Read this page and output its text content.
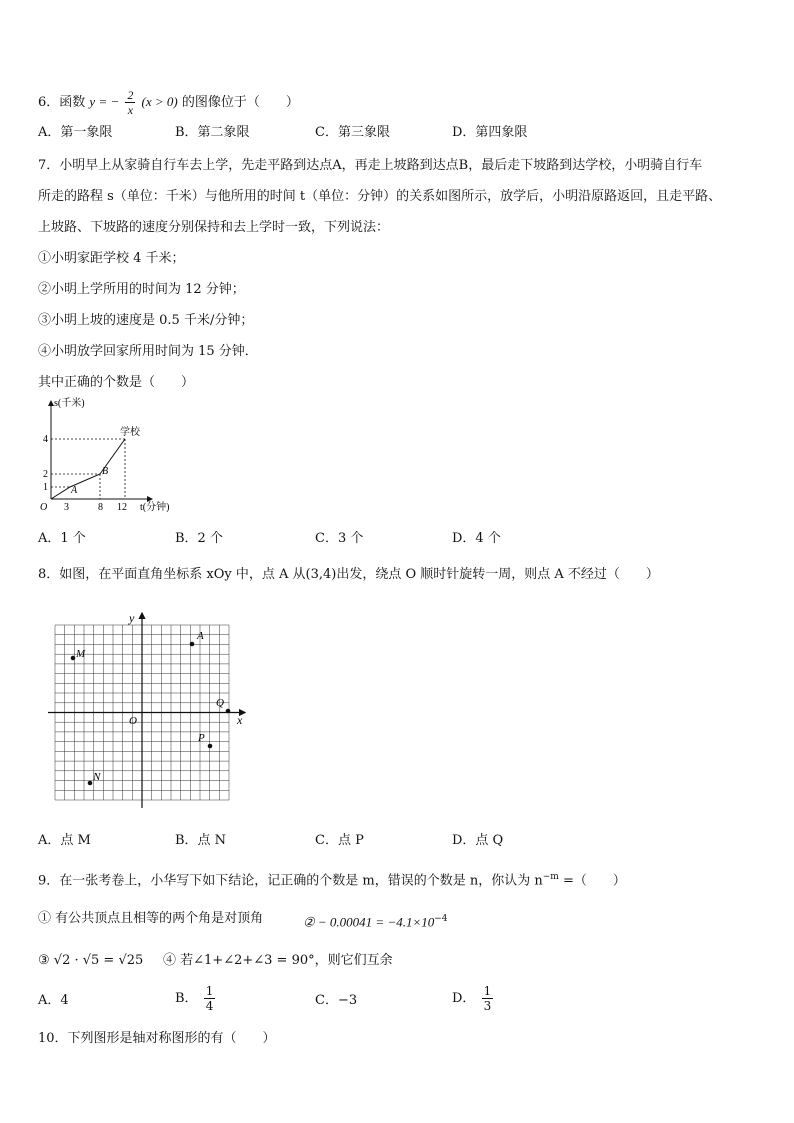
6．函数 y = − $\frac{2}{x} (x > 0)$ 的图像位于（　　）
A．第一象限	B．第二象限	C．第三象限	D．第四象限
7．小明早上从家骑自行车去上学，先走平路到达点A，再走上坡路到达点B，最后走下坡路到达学校，小明骑自行车
所走的路程 s（单位：千米）与他所用的时间 t（单位：分钟）的关系如图所示，放学后，小明沿原路返回，且走平路、
上坡路、下坡路的速度分别保持和去上学时一致，下列说法：
①小明家距学校 4 千米；
②小明上学所用的时间为 12 分钟；
③小明上坡的速度是 0.5 千米/分钟；
④小明放学回家所用时间为 15 分钟．
其中正确的个数是（　　）
s(千米)
t(分钟)
O
4
2
1
3	8 12
A
B
学校
A．1 个	B．2 个	C．3 个	D．4 个
8．如图，在平面直角坐标系 xOy 中，点 A 从(3,4)出发，绕点 O 顺时针旋转一周，则点 A 不经过（　　）
y
x
O
A
M
Q
P
N
A．点 M	B．点 N	C．点 P	D．点 Q
9．在一张考卷上，小华写下如下结论，记正确的个数是 m，错误的个数是 n，你认为 $n^{-m}$ =（　　）
① 有公共顶点且相等的两个角是对顶角	② − $0.00041 = -4.1\times 10^{-4}$
③ √2 · √5 = √25 ④ 若∠1+∠2+∠3 = 90°，则它们互余
A．4	B． $\frac{1}{4}$	C．−3	D． $\frac{1}{3}$
10．下列图形是轴对称图形的有（　　）
